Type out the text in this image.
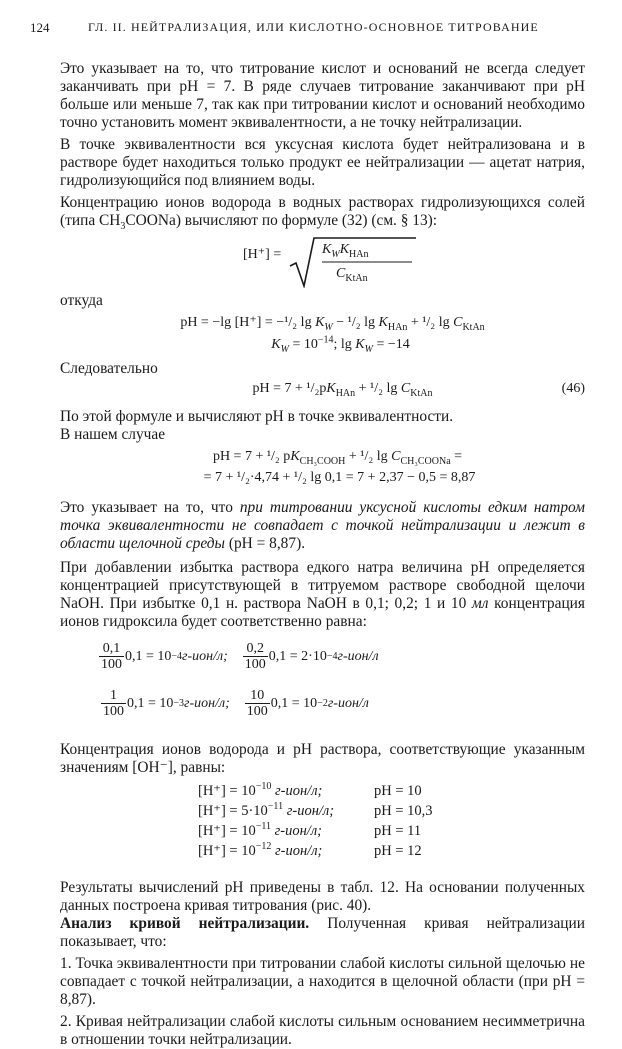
124	ГЛ. II. НЕЙТРАЛИЗАЦИЯ, ИЛИ КИСЛОТНО-ОСНОВНОЕ ТИТРОВАНИЕ

Это указывает на то, что титрование кислот и оснований не всегда следует заканчивать при pH = 7. В ряде случаев титрование заканчивают при pH больше или меньше 7, так как при титровании кислот и оснований необходимо точно установить момент эквивалентности, а не точку нейтрализации.

В точке эквивалентности вся уксусная кислота будет нейтрализована и в растворе будет находиться только продукт ее нейтрализации — ацетат натрия, гидролизующийся под влиянием воды.

Концентрацию ионов водорода в водных растворах гидролизующихся солей (типа $CH_3COONa$) вычисляют по формуле (32) (см. § 13):

[H⁺] =	$K_WK_{HAn}$
$C_{KtAn}$

откуда

pH = −lg [H⁺] = −¹/₂ $\lg K_W - ^1/_2$ $\lg K_{HAn} + ^1/_2$ $\lg C_{KtAn}$
$K_W = 10^{-14}$; $\lg K_W = -14$

Следовательно

pH = $7 + ^1/_2pK_{HAn} + ^1/_2$ $\lg C_{KtAn}$	(46)

По этой формуле и вычисляют pH в точке эквивалентности.

В нашем случае

pH = 7 + ¹/₂ $pK_{CH_3COOH} + ^1/_2$ $\lg C_{CH_3COONa}$ =
= 7 + ¹/₂·4,74 + ¹/₂ lg 0,1 = 7 + 2,37 − 0,5 = 8,87

Это указывает на то, что при титровании уксусной кислоты едким натром точка эквивалентности не совпадает с точкой нейтрализации и лежит в области щелочной среды (pH = 8,87).

При добавлении избытка раствора едкого натра величина pH определяется концентрацией присутствующей в титруемом растворе свободной щелочи NaOH. При избытке 0,1 н. раствора NaOH в 0,1; 0,2; 1 и 10 мл концентрация ионов гидроксила будет соответственно равна:

$\frac{0,1}{100} 0,1 = 10 -4$ г-ион/л; $\frac{0,2}{100} 0,1 = 2\cdot 10 -4$ г-ион/л
$\frac{1}{100} 0,1 = 10 -3$ г-ион/л; $\frac{10}{100} 0,1 = 10 -2$ г-ион/л

Концентрация ионов водорода и pH раствора, соответствующие указанным значениям [OH⁻], равны:

$[H^+] = 10^{-10}$ г-ион/л;	pH = 10
$[H^+] = 5\cdot 10^{-11}$ г-ион/л;	pH = 10,3
$[H^+] = 10^{-11}$ г-ион/л;	pH = 11
$[H^+] = 10^{-12}$ г-ион/л;	pH = 12

Результаты вычислений pH приведены в табл. 12. На основании полученных данных построена кривая титрования (рис. 40).

Анализ кривой нейтрализации. Полученная кривая нейтрализации показывает, что:

1. Точка эквивалентности при титровании слабой кислоты сильной щелочью не совпадает с точкой нейтрализации, а находится в щелочной области (при pH = 8,87).

2. Кривая нейтрализации слабой кислоты сильным основанием несимметрична в отношении точки нейтрализации.
